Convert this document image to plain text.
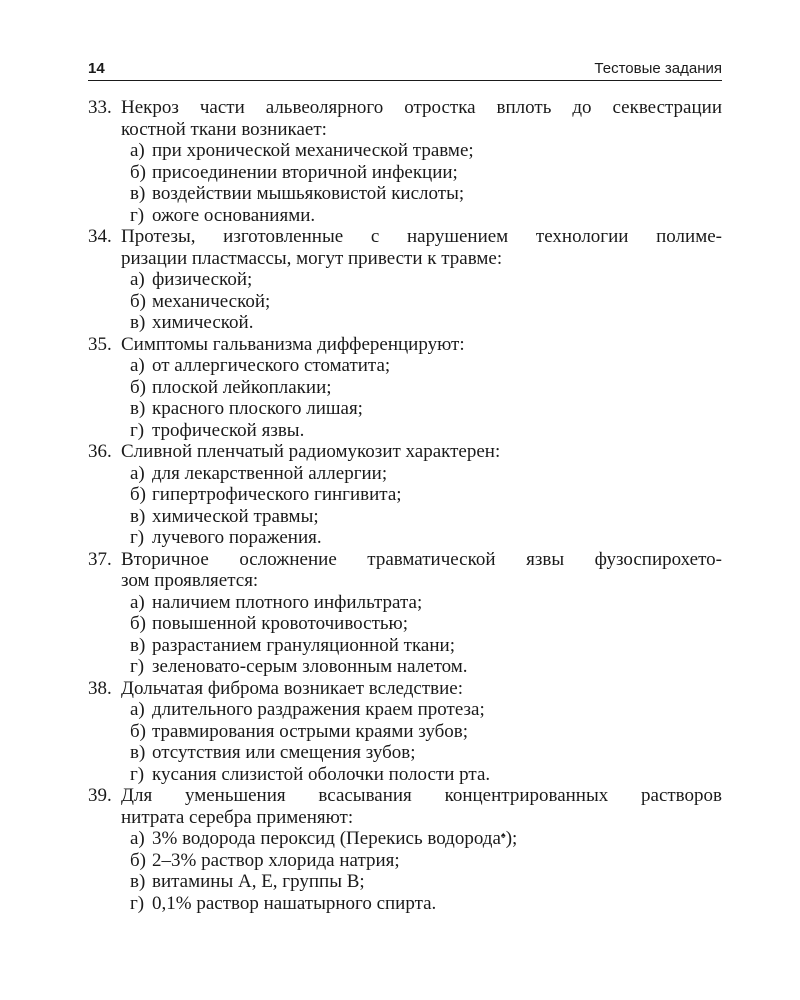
14	Тестовые задания
33. Некроз части альвеолярного отростка вплоть до секвестрации
костной ткани возникает:
а) при хронической механической травме;
б) присоединении вторичной инфекции;
в) воздействии мышьяковистой кислоты;
г) ожоге основаниями.
34. Протезы, изготовленные с нарушением технологии полиме-
ризации пластмассы, могут привести к травме:
а) физической;
б) механической;
в) химической.
35. Симптомы гальванизма дифференцируют:
а) от аллергического стоматита;
б) плоской лейкоплакии;
в) красного плоского лишая;
г) трофической язвы.
36. Сливной пленчатый радиомукозит характерен:
а) для лекарственной аллергии;
б) гипертрофического гингивита;
в) химической травмы;
г) лучевого поражения.
37. Вторичное осложнение травматической язвы фузоспирохето-
зом проявляется:
а) наличием плотного инфильтрата;
б) повышенной кровоточивостью;
в) разрастанием грануляционной ткани;
г) зеленовато-серым зловонным налетом.
38. Дольчатая фиброма возникает вследствие:
а) длительного раздражения краем протеза;
б) травмирования острыми краями зубов;
в) отсутствия или смещения зубов;
г) кусания слизистой оболочки полости рта.
39. Для уменьшения всасывания концентрированных растворов
нитрата серебра применяют:
а) 3% водорода пероксид (Перекись водорода♠);
б) 2–3% раствор хлорида натрия;
в) витамины A, E, группы B;
г) 0,1% раствор нашатырного спирта.
